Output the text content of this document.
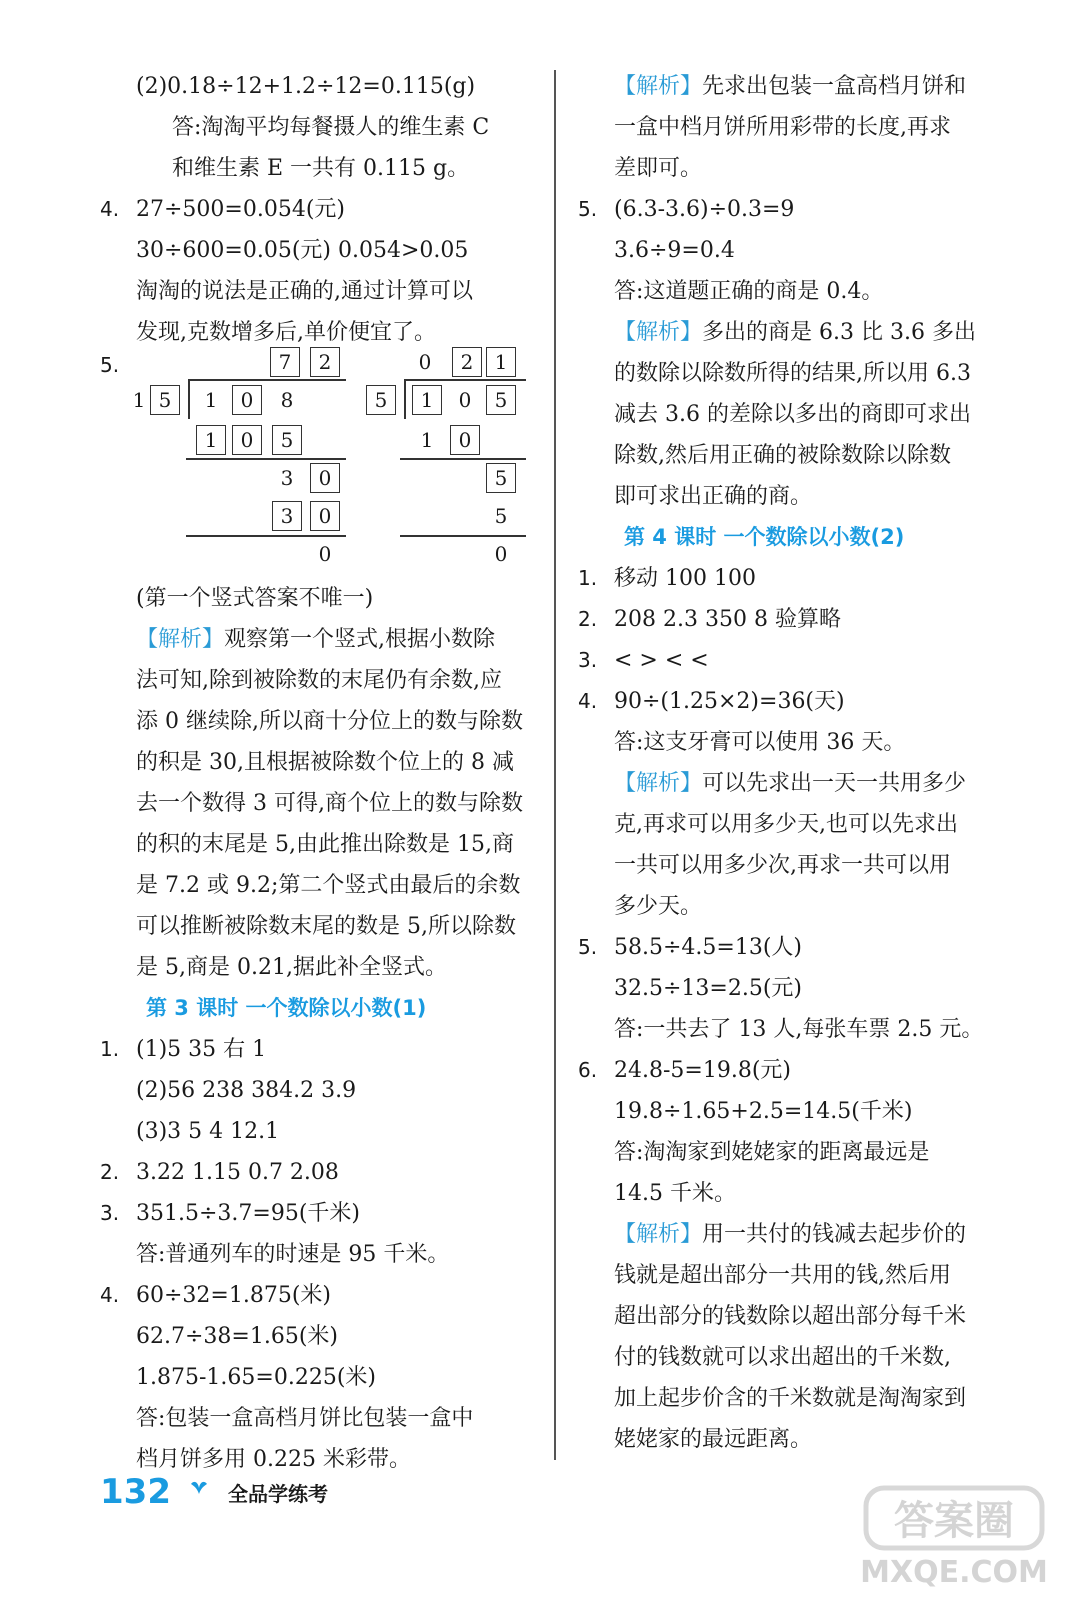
(2)0.18÷12+1.2÷12=0.115(g)
答:淘淘平均每餐摄人的维生素 C
和维生素 E 一共有 0.115 g。
4. 27÷500=0.054(元)
30÷600=0.05(元) 0.054>0.05
淘淘的说法是正确的,通过计算可以
发现,克数增多后,单价便宜了。
5.	7	2
1 5	1	0	8
1	0	5
3	0
3	0
0
0	2	1
5	1	0	5
1	0
5
5
0
(第一个竖式答案不唯一)
【解析】观察第一个竖式,根据小数除
法可知,除到被除数的末尾仍有余数,应
添 0 继续除,所以商十分位上的数与除数
的积是 30,且根据被除数个位上的 8 减
去一个数得 3 可得,商个位上的数与除数
的积的末尾是 5,由此推出除数是 15,商
是 7.2 或 9.2;第二个竖式由最后的余数
可以推断被除数末尾的数是 5,所以除数
是 5,商是 0.21,据此补全竖式。
第 3 课时 一个数除以小数(1)
1. (1)5 35 右 1
(2)56 238 384.2 3.9
(3)3 5 4 12.1
2. 3.22 1.15 0.7 2.08
3. 351.5÷3.7=95(千米)
答:普通列车的时速是 95 千米。
4. 60÷32=1.875(米)
62.7÷38=1.65(米)
1.875-1.65=0.225(米)
答:包装一盒高档月饼比包装一盒中
档月饼多用 0.225 米彩带。
【解析】先求出包装一盒高档月饼和
一盒中档月饼所用彩带的长度,再求
差即可。
5. (6.3-3.6)÷0.3=9
3.6÷9=0.4
答:这道题正确的商是 0.4。
【解析】多出的商是 6.3 比 3.6 多出
的数除以除数所得的结果,所以用 6.3
减去 3.6 的差除以多出的商即可求出
除数,然后用正确的被除数除以除数
即可求出正确的商。
第 4 课时 一个数除以小数(2)
1. 移动 100 100
2. 208 2.3 350 8 验算略
3. < > < <
4. 90÷(1.25×2)=36(天)
答:这支牙膏可以使用 36 天。
【解析】可以先求出一天一共用多少
克,再求可以用多少天,也可以先求出
一共可以用多少次,再求一共可以用
多少天。
5. 58.5÷4.5=13(人)
32.5÷13=2.5(元)
答:一共去了 13 人,每张车票 2.5 元。
6. 24.8-5=19.8(元)
19.8÷1.65+2.5=14.5(千米)
答:淘淘家到姥姥家的距离最远是
14.5 千米。
【解析】用一共付的钱减去起步价的
钱就是超出部分一共用的钱,然后用
超出部分的钱数除以超出部分每千米
付的钱数就可以求出超出的千米数,
加上起步价含的千米数就是淘淘家到
姥姥家的最远距离。
132	全品学练考
答案圈
MXQE.COM
